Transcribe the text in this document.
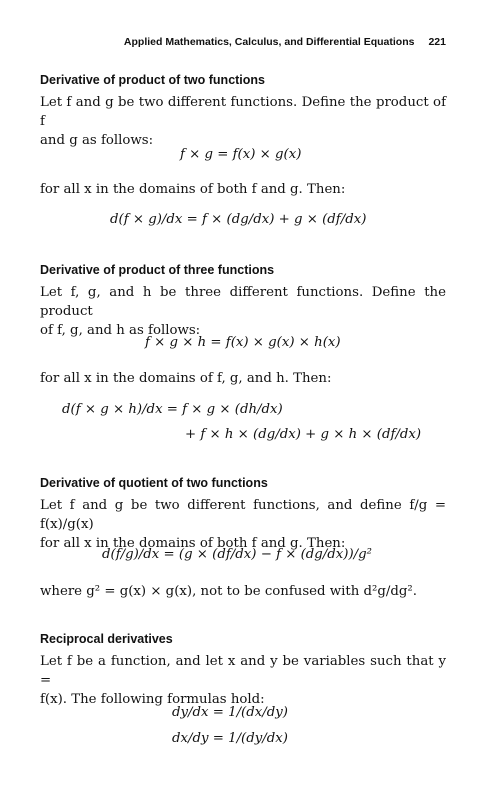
Applied Mathematics, Calculus, and Differential Equations 221
Derivative of product of two functions
Let f and g be two different functions. Define the product of f
and g as follows:
f × g = f(x) × g(x)
for all x in the domains of both f and g. Then:
d(f × g)/dx = f × (dg/dx) + g × (df/dx)
Derivative of product of three functions
Let f, g, and h be three different functions. Define the product
of f, g, and h as follows:
f × g × h = f(x) × g(x) × h(x)
for all x in the domains of f, g, and h. Then:
d(f × g × h)/dx = f × g × (dh/dx)
+ f × h × (dg/dx) + g × h × (df/dx)
Derivative of quotient of two functions
Let f and g be two different functions, and define f/g = f(x)/g(x)
for all x in the domains of both f and g. Then:
d(f/g)/dx = (g × (df/dx) − f × (dg/dx))/g²
where g² = g(x) × g(x), not to be confused with d²g/dg².
Reciprocal derivatives
Let f be a function, and let x and y be variables such that y =
f(x). The following formulas hold:
dy/dx = 1/(dx/dy)
dx/dy = 1/(dy/dx)
